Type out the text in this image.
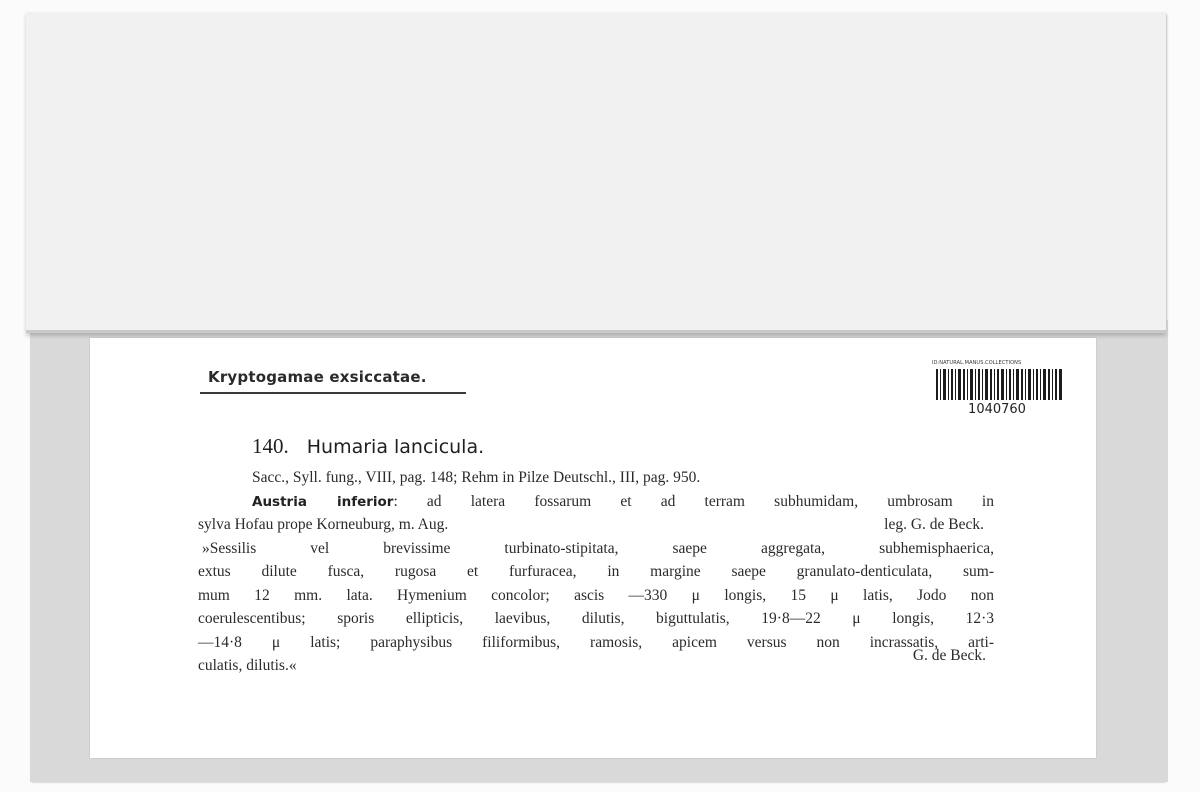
Kryptogamae exsiccatae.
ID:NATURAL.MANUS.COLLECTIONS
1040760
140. Humaria lancicula.
Sacc., Syll. fung., VIII, pag. 148; Rehm in Pilze Deutschl., III, pag. 950.
Austria inferior: ad latera fossarum et ad terram subhumidam, umbrosam in
sylva Hofau prope Korneuburg, m. Aug.	leg. G. de Beck.
»Sessilis vel brevissime turbinato-stipitata, saepe aggregata, subhemisphaerica,
extus dilute fusca, rugosa et furfuracea, in margine saepe granulato-denticulata, sum-
mum 12 mm. lata. Hymenium concolor; ascis —330 μ longis, 15 μ latis, Jodo non
coerulescentibus; sporis ellipticis, laevibus, dilutis, biguttulatis, 19·8—22 μ longis, 12·3
—14·8 μ latis; paraphysibus filiformibus, ramosis, apicem versus non incrassatis, arti-
culatis, dilutis.«
G. de Beck.
